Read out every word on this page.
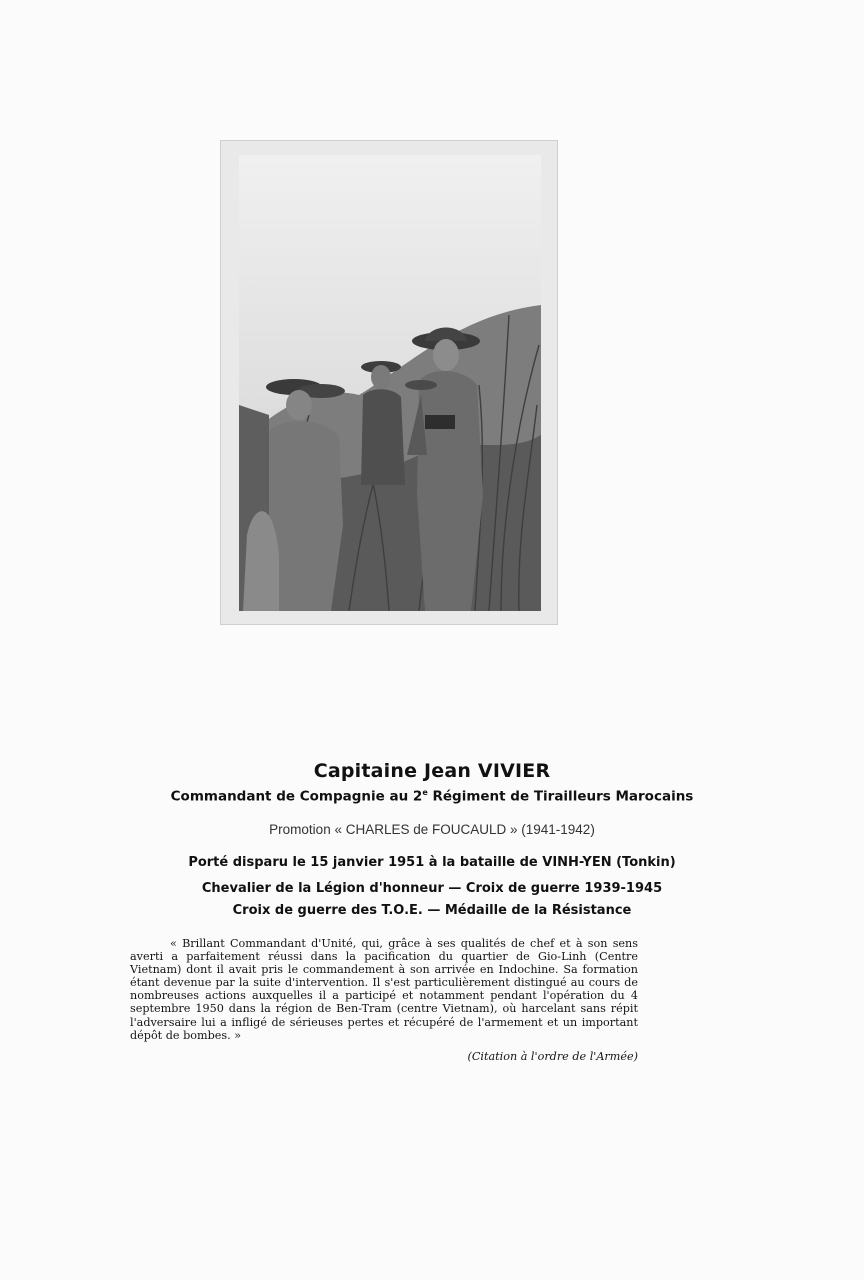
Capitaine Jean VIVIER
Commandant de Compagnie au 2e Régiment de Tirailleurs Marocains
Promotion « CHARLES de FOUCAULD » (1941-1942)
Porté disparu le 15 janvier 1951 à la bataille de VINH-YEN (Tonkin)
Chevalier de la Légion d'honneur — Croix de guerre 1939-1945
Croix de guerre des T.O.E. — Médaille de la Résistance
« Brillant Commandant d'Unité, qui, grâce à ses qualités de chef et à son sens averti a parfaitement réussi dans la pacification du quartier de Gio-Linh (Centre Vietnam) dont il avait pris le commandement à son arrivée en Indochine. Sa formation étant devenue par la suite d'intervention. Il s'est particulièrement distingué au cours de nombreuses actions auxquelles il a participé et notamment pendant l'opération du 4 septembre 1950 dans la région de Ben-Tram (centre Vietnam), où harcelant sans répit l'adversaire lui a infligé de sérieuses pertes et récupéré de l'armement et un important dépôt de bombes. »
(Citation à l'ordre de l'Armée)
